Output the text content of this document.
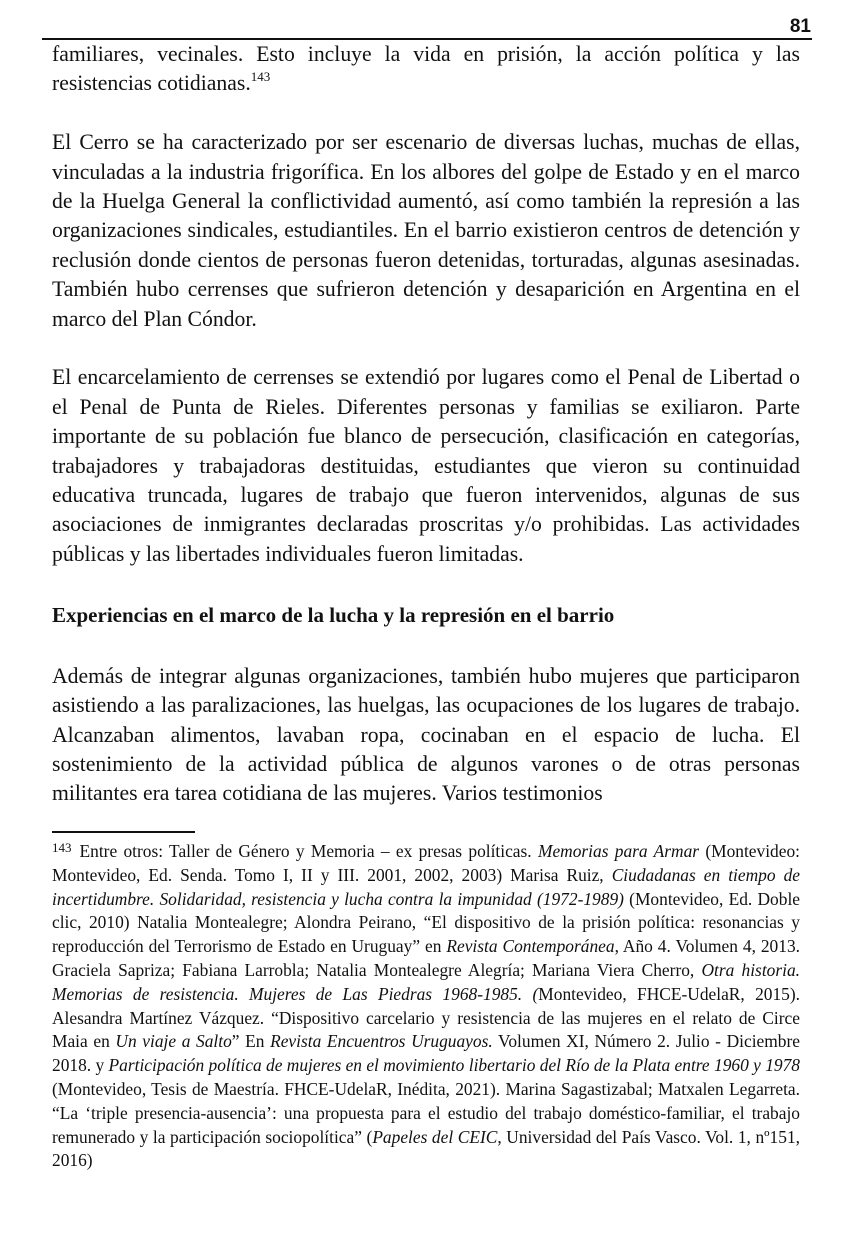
81

familiares, vecinales. Esto incluye la vida en prisión, la acción política y las resistencias cotidianas.$^{143}$

El Cerro se ha caracterizado por ser escenario de diversas luchas, muchas de ellas, vinculadas a la industria frigorífica. En los albores del golpe de Estado y en el marco de la Huelga General la conflictividad aumentó, así como también la represión a las organizaciones sindicales, estudiantiles. En el barrio existieron centros de detención y reclusión donde cientos de personas fueron detenidas, torturadas, algunas asesinadas. También hubo cerrenses que sufrieron detención y desaparición en Argentina en el marco del Plan Cóndor.

El encarcelamiento de cerrenses se extendió por lugares como el Penal de Libertad o el Penal de Punta de Rieles. Diferentes personas y familias se exiliaron. Parte importante de su población fue blanco de persecución, clasificación en categorías, trabajadores y trabajadoras destituidas, estudiantes que vieron su continuidad educativa truncada, lugares de trabajo que fueron intervenidos, algunas de sus asociaciones de inmigrantes declaradas proscritas y/o prohibidas. Las actividades públicas y las libertades individuales fueron limitadas.

Experiencias en el marco de la lucha y la represión en el barrio

Además de integrar algunas organizaciones, también hubo mujeres que participaron asistiendo a las paralizaciones, las huelgas, las ocupaciones de los lugares de trabajo. Alcanzaban alimentos, lavaban ropa, cocinaban en el espacio de lucha. El sostenimiento de la actividad pública de algunos varones o de otras personas militantes era tarea cotidiana de las mujeres. Varios testimonios

$^{143}$ Entre otros: Taller de Género y Memoria – ex presas políticas. Memorias para Armar (Montevideo: Montevideo, Ed. Senda. Tomo I, II y III. 2001, 2002, 2003) Marisa Ruiz, Ciudadanas en tiempo de incertidumbre. Solidaridad, resistencia y lucha contra la impunidad (1972-1989) (Montevideo, Ed. Doble clic, 2010) Natalia Montealegre; Alondra Peirano, “El dispositivo de la prisión política: resonancias y reproducción del Terrorismo de Estado en Uruguay” en Revista Contemporánea, Año 4. Volumen 4, 2013. Graciela Sapriza; Fabiana Larrobla; Natalia Montealegre Alegría; Mariana Viera Cherro, Otra historia. Memorias de resistencia. Mujeres de Las Piedras 1968-1985. (Montevideo, FHCE-UdelaR, 2015). Alesandra Martínez Vázquez. “Dispositivo carcelario y resistencia de las mujeres en el relato de Circe Maia en Un viaje a Salto” En Revista Encuentros Uruguayos. Volumen XI, Número 2. Julio - Diciembre 2018. y Participación política de mujeres en el movimiento libertario del Río de la Plata entre 1960 y 1978 (Montevideo, Tesis de Maestría. FHCE-UdelaR, Inédita, 2021). Marina Sagastizabal; Matxalen Legarreta. “La ‘triple presencia-ausencia’: una propuesta para el estudio del trabajo doméstico-familiar, el trabajo remunerado y la participación sociopolítica” (Papeles del CEIC, Universidad del País Vasco. Vol. 1, nº151, 2016)
